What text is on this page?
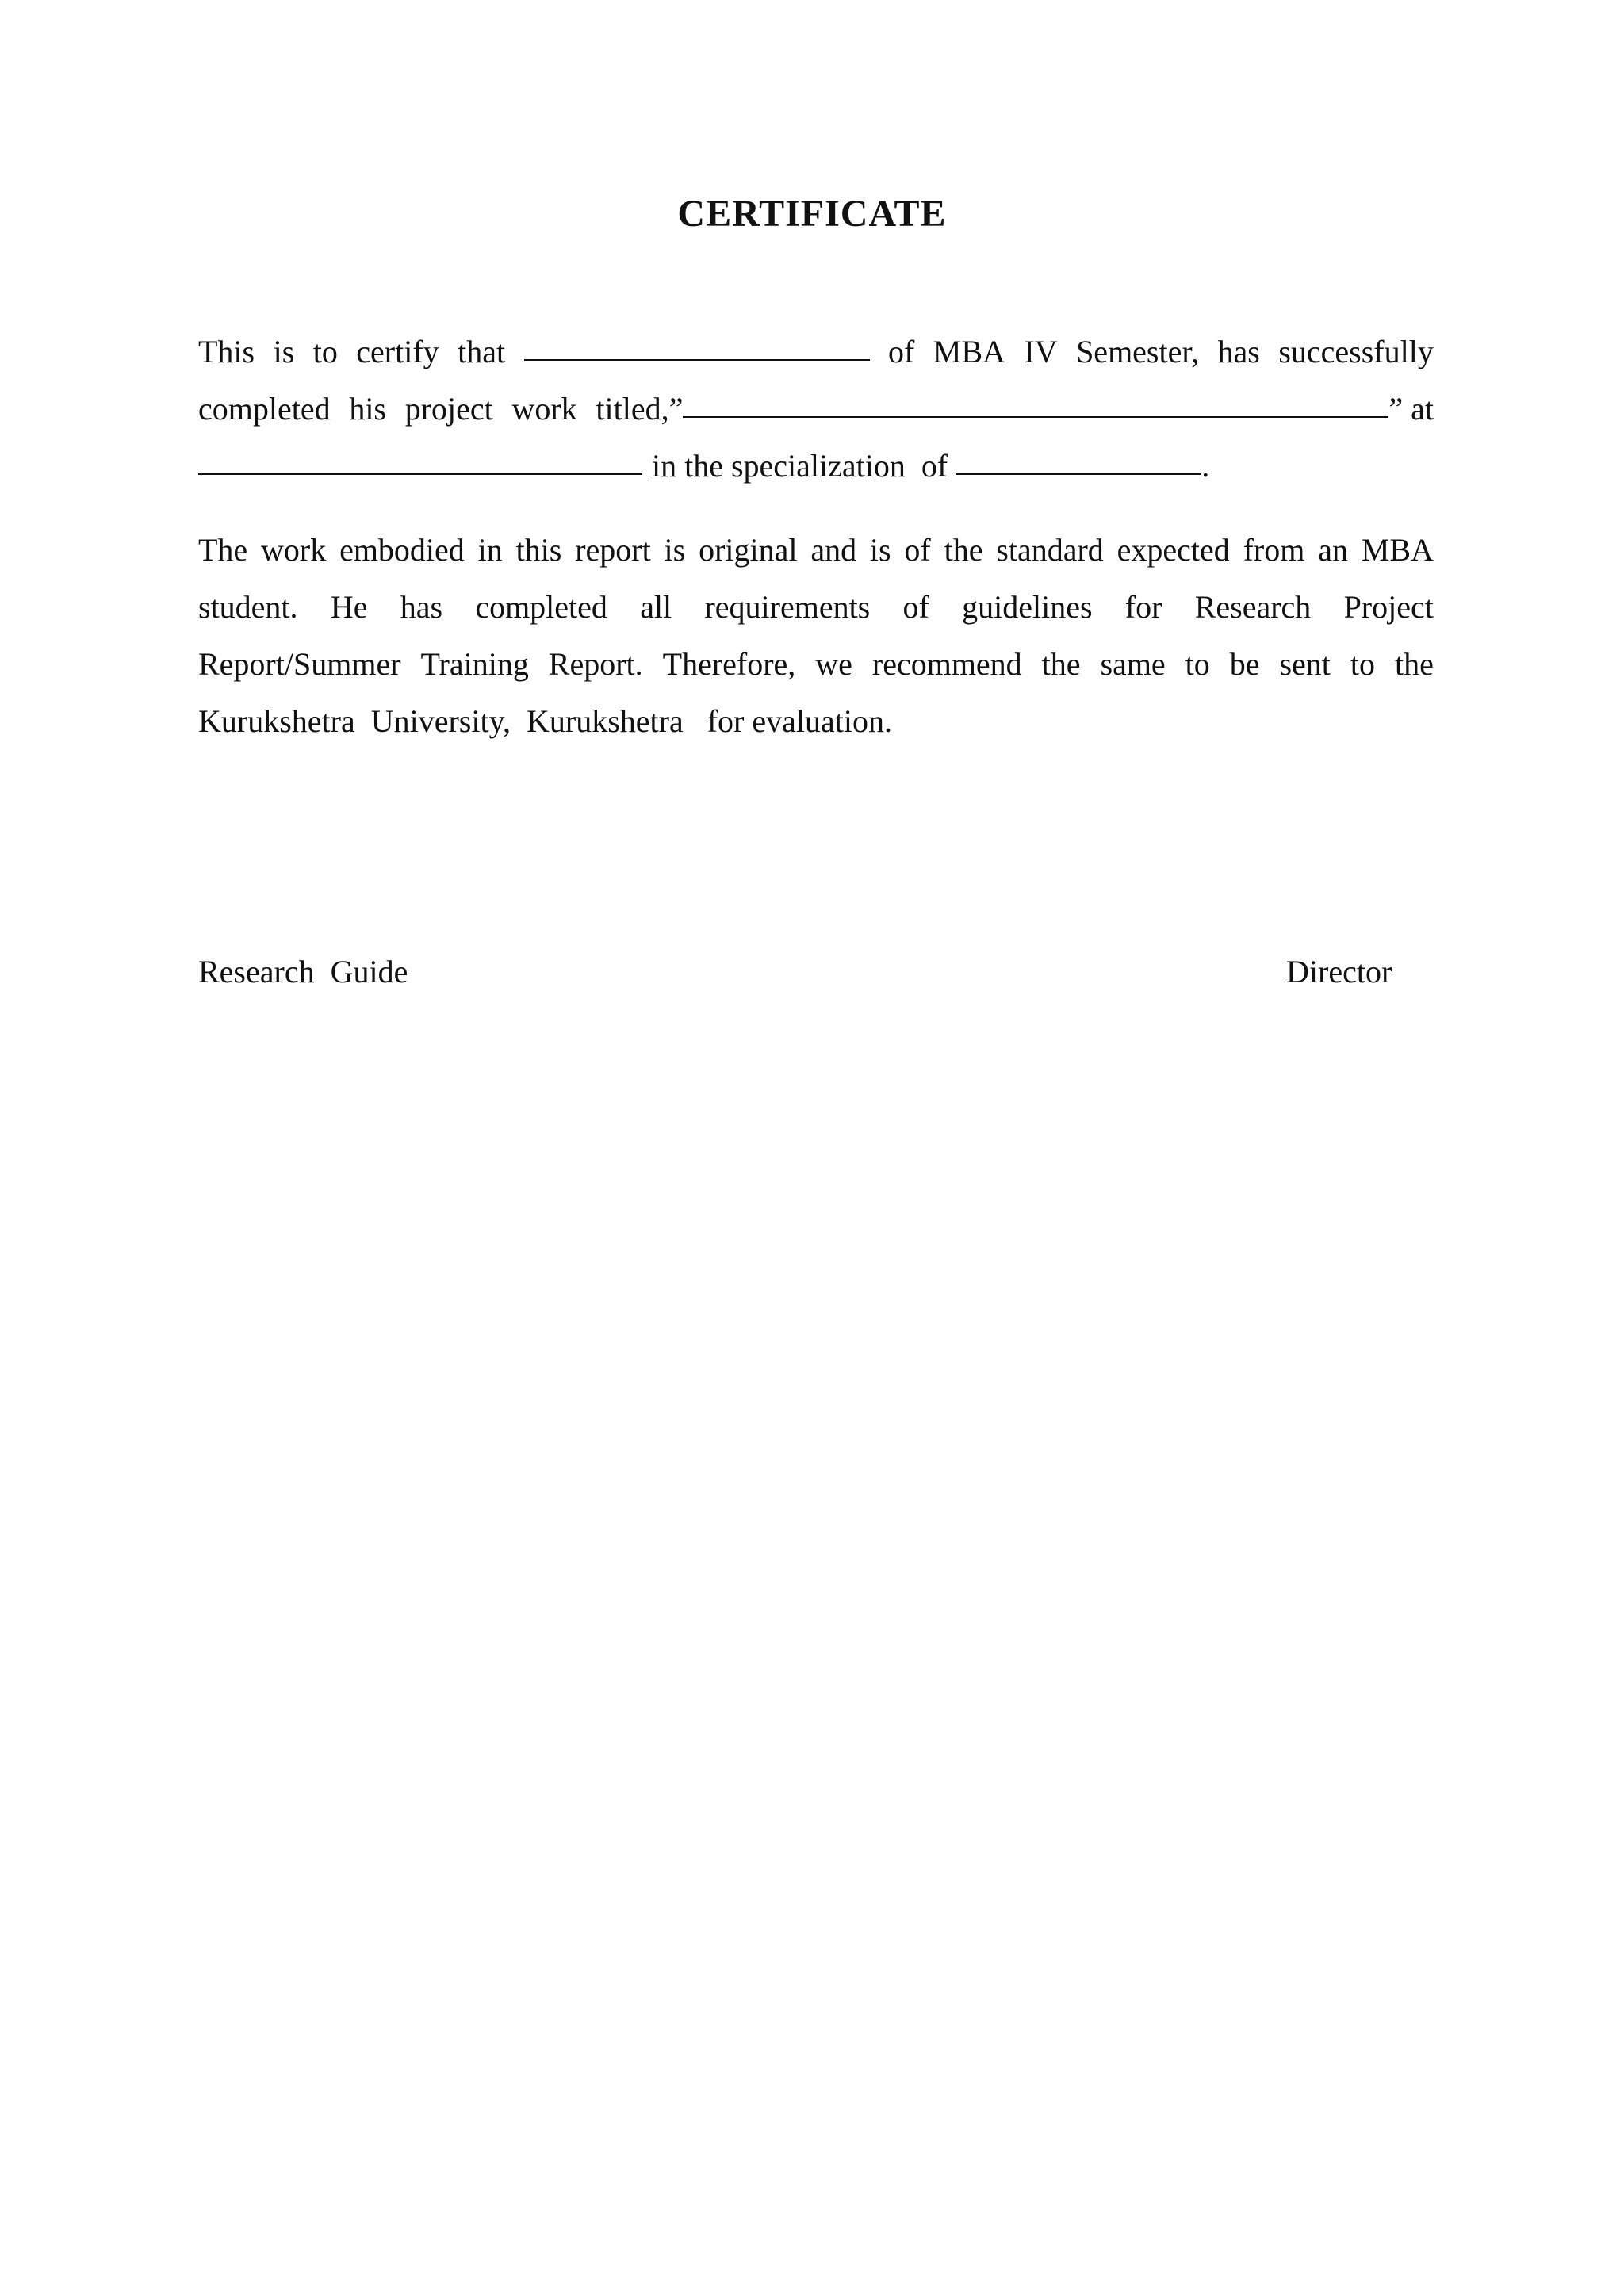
CERTIFICATE
This is to certify that	of MBA IV Semester, has successfully
completed his project work titled,”	” at
in the specialization  of	.
The work embodied in this report is original and is of the standard expected from an MBA
student. He has completed all requirements of guidelines for Research Project
Report/Summer Training Report. Therefore, we recommend the same to be sent to the
Kurukshetra  University,  Kurukshetra   for evaluation.
Research  Guide	Director
